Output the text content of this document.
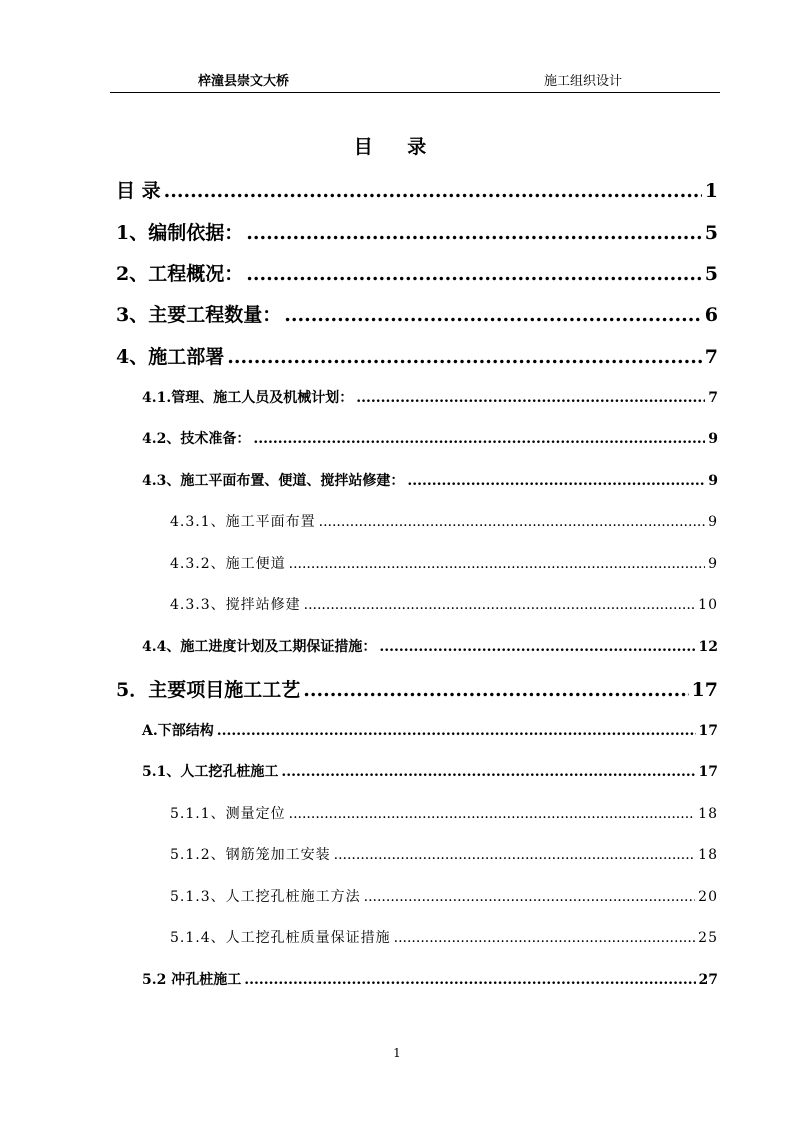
梓潼县崇文大桥	施工组织设计
目 录
目 录 .....	1
1、编制依据： .....	5
2、工程概况： .....	5
3、主要工程数量： .....	6
4、施工部署 .....	7
4.1.管理、施工人员及机械计划： .....	7
4.2、技术准备： .....	9
4.3、施工平面布置、便道、搅拌站修建： .....	9
4.3.1、施工平面布置 .....	9
4.3.2、施工便道 .....	9
4.3.3、搅拌站修建 .....	10
4.4、施工进度计划及工期保证措施： .....	12
5．主要项目施工工艺 .....	17
A.下部结构 .....	17
5.1、人工挖孔桩施工 .....	17
5.1.1、测量定位 .....	18
5.1.2、钢筋笼加工安装 .....	18
5.1.3、人工挖孔桩施工方法 .....	20
5.1.4、人工挖孔桩质量保证措施 .....	25
5.2 冲孔桩施工 .....	27
1
